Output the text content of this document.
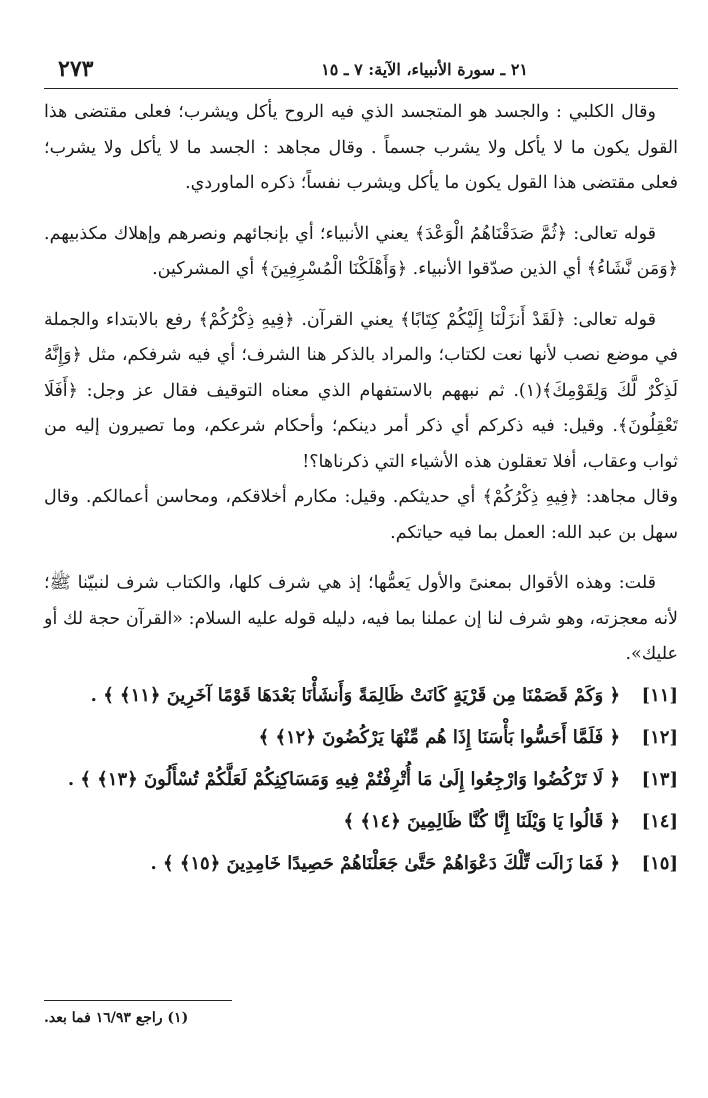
٢١ ـ سورة الأنبياء، الآية: ٧ ـ ١٥
٢٧٣

وقال الكلبي : والجسد هو المتجسد الذي فيه الروح يأكل ويشرب؛ فعلى مقتضى هذا القول يكون ما لا يأكل ولا يشرب جسماً . وقال مجاهد : الجسد ما لا يأكل ولا يشرب؛ فعلى مقتضى هذا القول يكون ما يأكل ويشرب نفساً؛ ذكره الماوردي.

قوله تعالى: ﴿ثُمَّ صَدَقْنَاهُمُ الْوَعْدَ﴾ يعني الأنبياء؛ أي بإنجائهم ونصرهم وإهلاك مكذبيهم. ﴿وَمَن نَّشَاءُ﴾ أي الذين صدّقوا الأنبياء. ﴿وَأَهْلَكْنَا الْمُسْرِفِينَ﴾ أي المشركين.

قوله تعالى: ﴿لَقَدْ أَنزَلْنَا إِلَيْكُمْ كِتَابًا﴾ يعني القرآن. ﴿فِيهِ ذِكْرُكُمْ﴾ رفع بالابتداء والجملة في موضع نصب لأنها نعت لكتاب؛ والمراد بالذكر هنا الشرف؛ أي فيه شرفكم، مثل ﴿وَإِنَّهُ لَذِكْرٌ لَّكَ وَلِقَوْمِكَ﴾(١). ثم نبههم بالاستفهام الذي معناه التوقيف فقال عز وجل: ﴿أَفَلَا تَعْقِلُونَ﴾. وقيل: فيه ذكركم أي ذكر أمر دينكم؛ وأحكام شرعكم، وما تصيرون إليه من ثواب وعقاب، أفلا تعقلون هذه الأشياء التي ذكرناها؟!

وقال مجاهد: ﴿فِيهِ ذِكْرُكُمْ﴾ أي حديثكم. وقيل: مكارم أخلاقكم، ومحاسن أعمالكم. وقال سهل بن عبد الله: العمل بما فيه حياتكم.

قلت: وهذه الأقوال بمعنىً والأول يَعمُّها؛ إذ هي شرف كلها، والكتاب شرف لنبيّنا ﷺ؛ لأنه معجزته، وهو شرف لنا إن عملنا بما فيه، دليله قوله عليه السلام: «القرآن حجة لك أو عليك».

[١١]
﴿ وَكَمْ قَصَمْنَا مِن قَرْيَةٍ كَانَتْ ظَالِمَةً وَأَنشَأْنَا بَعْدَهَا قَوْمًا آخَرِينَ ﴿١١﴾ ﴾ .
[١٢]
﴿ فَلَمَّا أَحَسُّوا بَأْسَنَا إِذَا هُم مِّنْهَا يَرْكُضُونَ ﴿١٢﴾ ﴾
[١٣]
﴿ لَا تَرْكُضُوا وَارْجِعُوا إِلَىٰ مَا أُتْرِفْتُمْ فِيهِ وَمَسَاكِنِكُمْ لَعَلَّكُمْ تُسْأَلُونَ ﴿١٣﴾ ﴾ .
[١٤]
﴿ قَالُوا يَا وَيْلَنَا إِنَّا كُنَّا ظَالِمِينَ ﴿١٤﴾ ﴾
[١٥]
﴿ فَمَا زَالَت تِّلْكَ دَعْوَاهُمْ حَتَّىٰ جَعَلْنَاهُمْ حَصِيدًا خَامِدِينَ ﴿١٥﴾ ﴾ .
(١) راجع ١٦/٩٣ فما بعد.
